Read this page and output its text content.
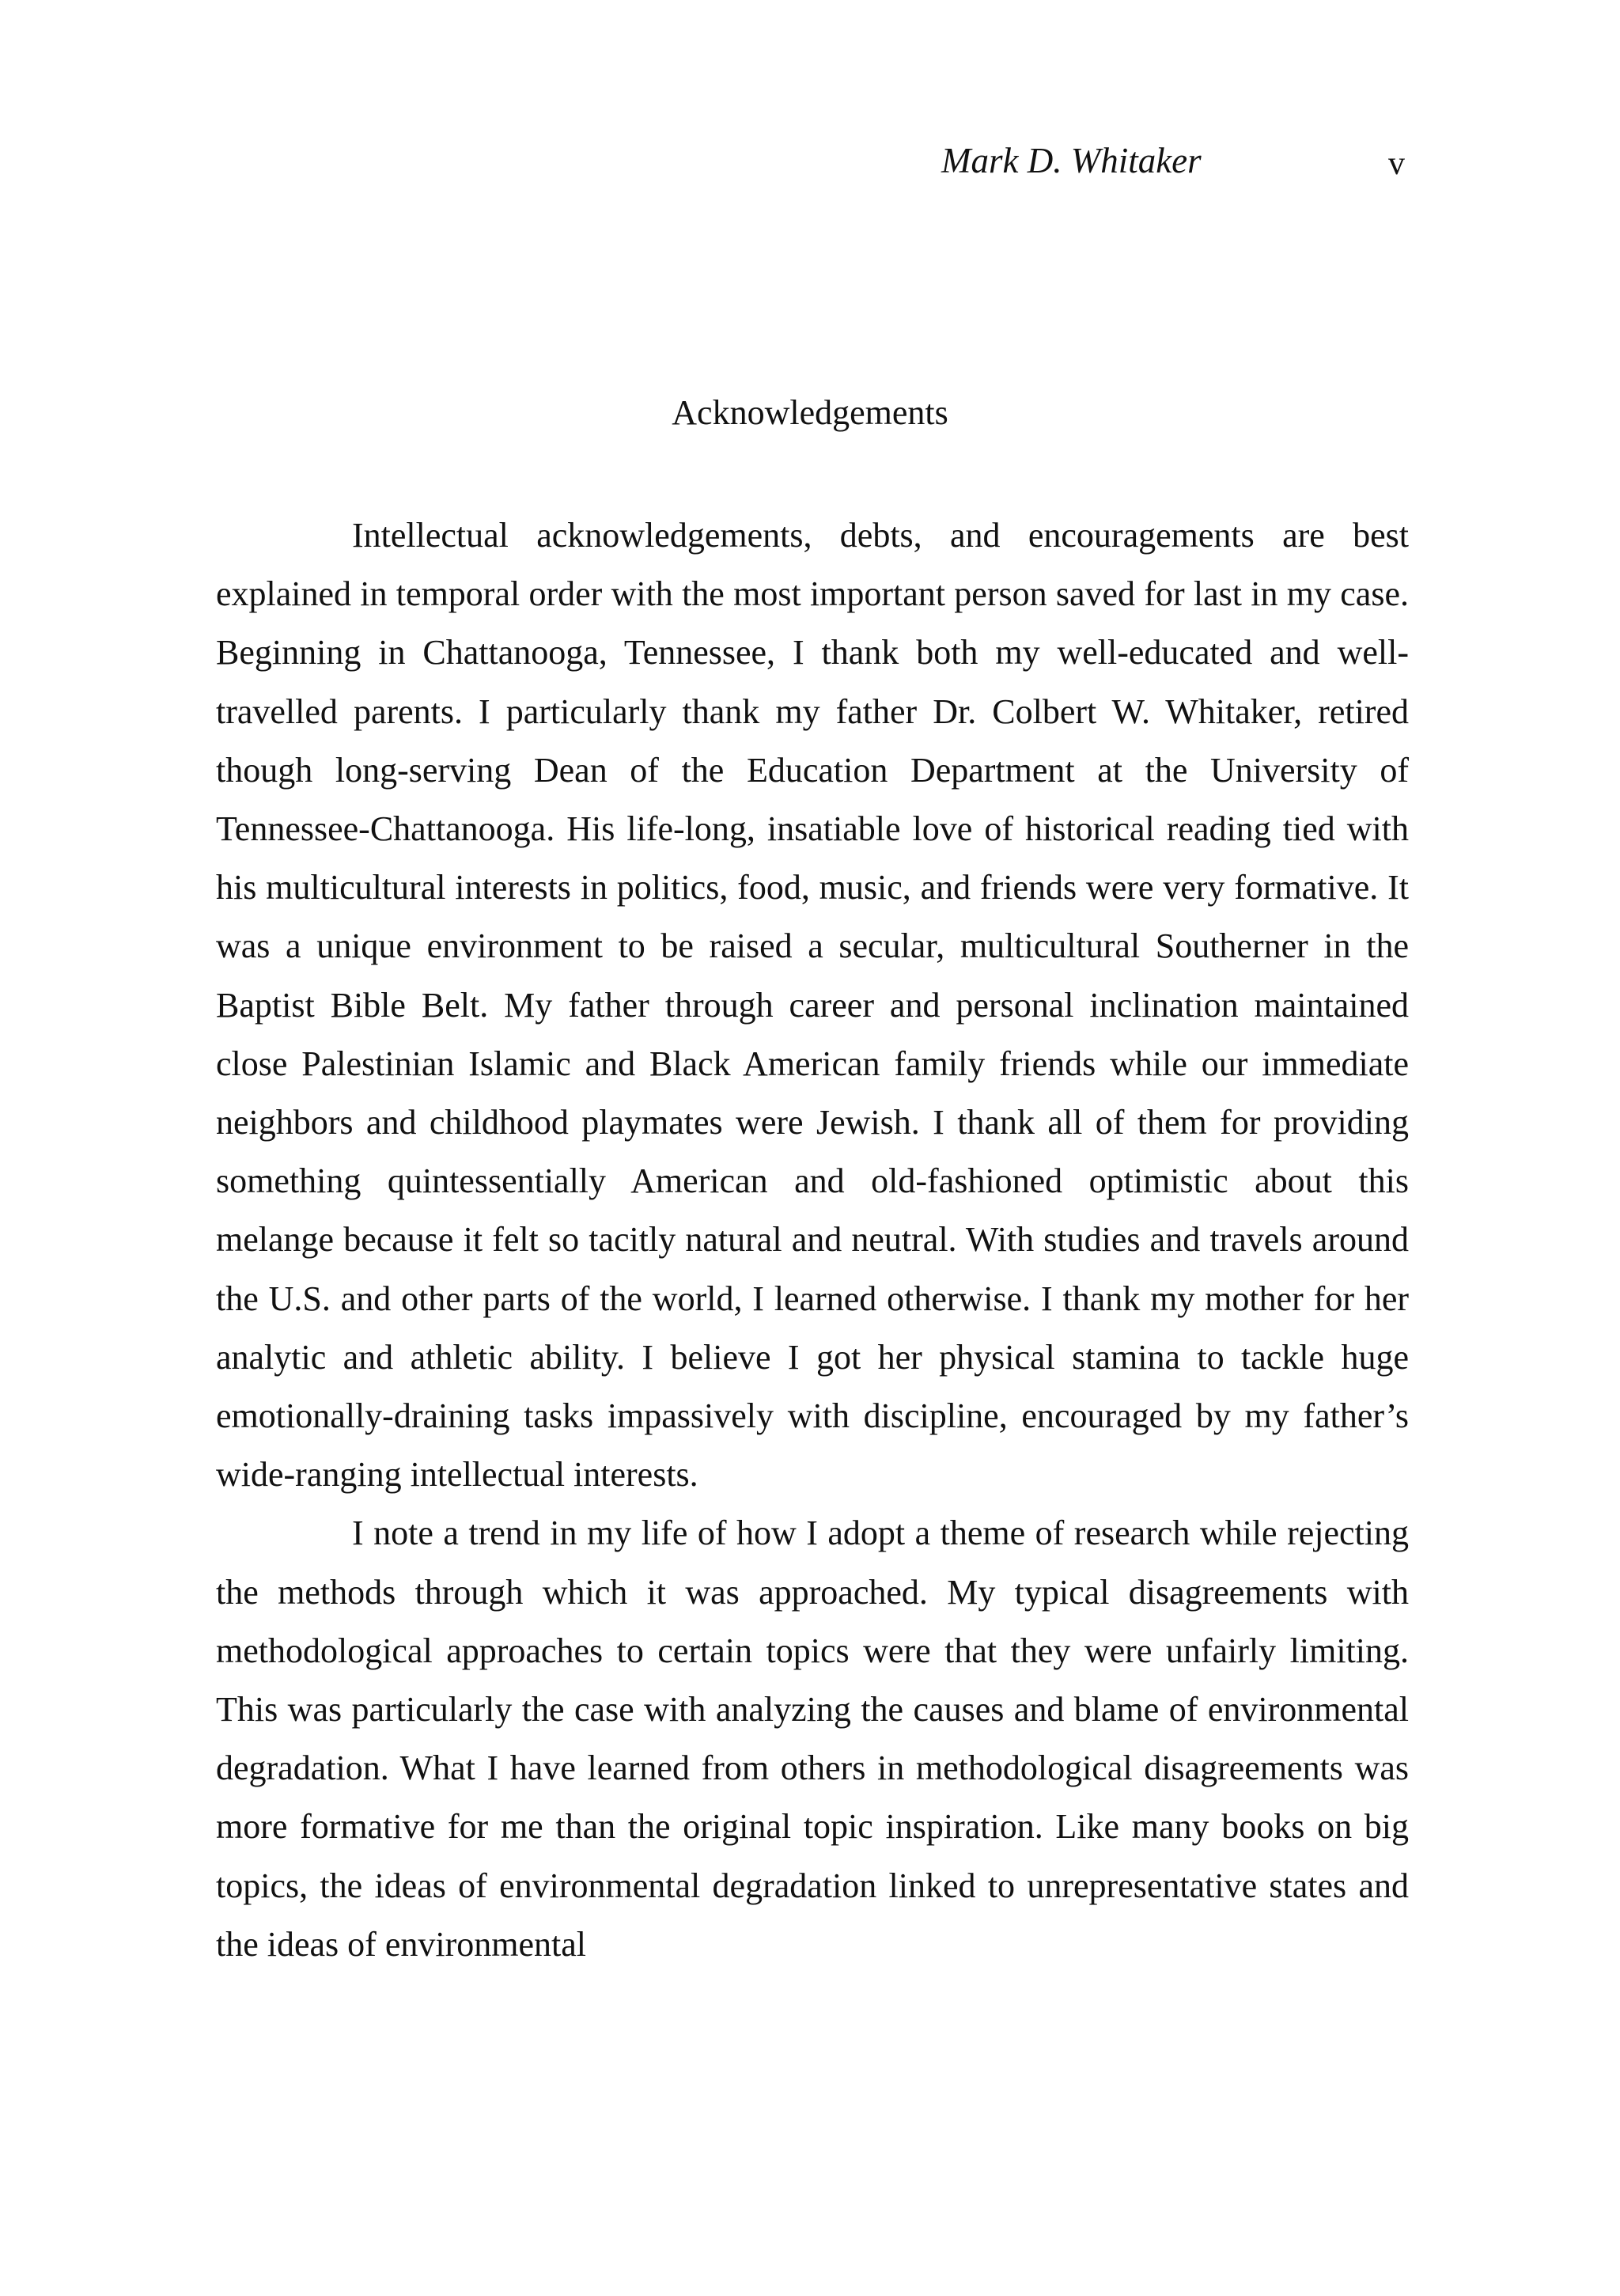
Mark D. Whitaker	v
Acknowledgements

Intellectual acknowledgements, debts, and encouragements are best explained in temporal order with the most important person saved for last in my case. Beginning in Chattanooga, Tennessee, I thank both my well-educated and well-travelled parents. I particularly thank my father Dr. Colbert W. Whitaker, retired though long-serving Dean of the Education Department at the University of Tennessee-Chattanooga. His life-long, insatiable love of historical reading tied with his multicultural interests in politics, food, music, and friends were very formative. It was a unique environment to be raised a secular, multicultural Southerner in the Baptist Bible Belt. My father through career and personal inclination maintained close Palestinian Islamic and Black American family friends while our immediate neighbors and childhood playmates were Jewish. I thank all of them for providing something quintessentially American and old-fashioned optimistic about this melange because it felt so tacitly natural and neutral. With studies and travels around the U.S. and other parts of the world, I learned otherwise. I thank my mother for her analytic and athletic ability. I believe I got her physical stamina to tackle huge emotionally-draining tasks impassively with discipline, encouraged by my father’s wide-ranging intellectual interests.

I note a trend in my life of how I adopt a theme of research while rejecting the methods through which it was approached. My typical disagreements with methodological approaches to certain topics were that they were unfairly limiting. This was particularly the case with analyzing the causes and blame of environmental degradation. What I have learned from others in methodological disagreements was more formative for me than the original topic inspiration. Like many books on big topics, the ideas of environmental degradation linked to unrepresentative states and the ideas of environmental
